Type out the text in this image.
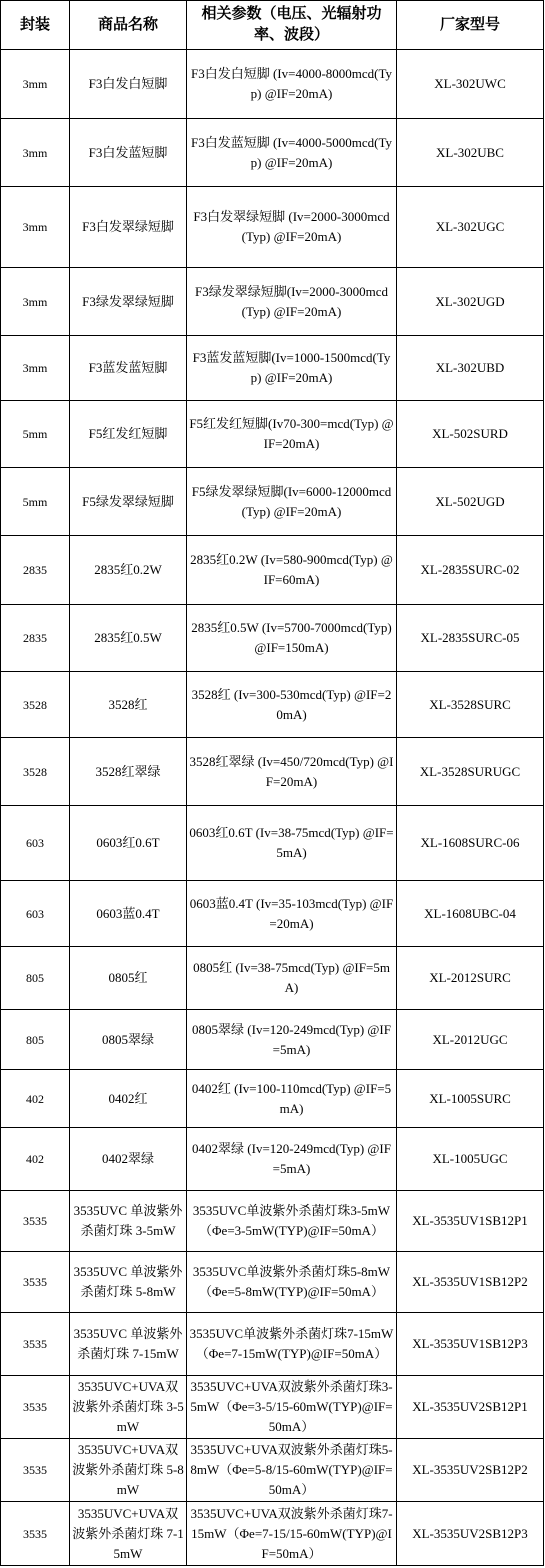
封装	商品名称	相关参数（电压、光辐射功率、波段）	厂家型号
3mm	F3白发白短脚	F3白发白短脚 (Iv=4000-8000mcd(Typ) @IF=20mA)	XL-302UWC
3mm	F3白发蓝短脚	F3白发蓝短脚 (Iv=4000-5000mcd(Typ) @IF=20mA)	XL-302UBC
3mm	F3白发翠绿短脚	F3白发翠绿短脚 (Iv=2000-3000mcd(Typ) @IF=20mA)	XL-302UGC
3mm	F3绿发翠绿短脚	F3绿发翠绿短脚(Iv=2000-3000mcd(Typ) @IF=20mA)	XL-302UGD
3mm	F3蓝发蓝短脚	F3蓝发蓝短脚(Iv=1000-1500mcd(Typ) @IF=20mA)	XL-302UBD
5mm	F5红发红短脚	F5红发红短脚(Iv70-300=mcd(Typ) @IF=20mA)	XL-502SURD
5mm	F5绿发翠绿短脚	F5绿发翠绿短脚(Iv=6000-12000mcd(Typ) @IF=20mA)	XL-502UGD
2835	2835红0.2W	2835红0.2W (Iv=580-900mcd(Typ) @IF=60mA)	XL-2835SURC-02
2835	2835红0.5W	2835红0.5W (Iv=5700-7000mcd(Typ) @IF=150mA)	XL-2835SURC-05
3528	3528红	3528红 (Iv=300-530mcd(Typ) @IF=20mA)	XL-3528SURC
3528	3528红翠绿	3528红翠绿 (Iv=450/720mcd(Typ) @IF=20mA)	XL-3528SURUGC
603	0603红0.6T	0603红0.6T (Iv=38-75mcd(Typ) @IF=5mA)	XL-1608SURC-06
603	0603蓝0.4T	0603蓝0.4T (Iv=35-103mcd(Typ) @IF=20mA)	XL-1608UBC-04
805	0805红	0805红 (Iv=38-75mcd(Typ) @IF=5mA)	XL-2012SURC
805	0805翠绿	0805翠绿 (Iv=120-249mcd(Typ) @IF=5mA)	XL-2012UGC
402	0402红	0402红 (Iv=100-110mcd(Typ) @IF=5mA)	XL-1005SURC
402	0402翠绿	0402翠绿 (Iv=120-249mcd(Typ) @IF=5mA)	XL-1005UGC
3535	3535UVC 单波紫外杀菌灯珠 3-5mW	3535UVC单波紫外杀菌灯珠3-5mW（Φe=3-5mW(TYP)@IF=50mA）	XL-3535UV1SB12P1
3535	3535UVC 单波紫外杀菌灯珠 5-8mW	3535UVC单波紫外杀菌灯珠5-8mW（Φe=5-8mW(TYP)@IF=50mA）	XL-3535UV1SB12P2
3535	3535UVC 单波紫外杀菌灯珠 7-15mW	3535UVC单波紫外杀菌灯珠7-15mW （Φe=7-15mW(TYP)@IF=50mA）	XL-3535UV1SB12P3
3535	3535UVC+UVA双波紫外杀菌灯珠 3-5mW	3535UVC+UVA双波紫外杀菌灯珠3-5mW（Φe=3-5/15-60mW(TYP)@IF=50mA）	XL-3535UV2SB12P1
3535	3535UVC+UVA双波紫外杀菌灯珠 5-8mW	3535UVC+UVA双波紫外杀菌灯珠5-8mW（Φe=5-8/15-60mW(TYP)@IF=50mA）	XL-3535UV2SB12P2
3535	3535UVC+UVA双波紫外杀菌灯珠 7-15mW	3535UVC+UVA双波紫外杀菌灯珠7-15mW（Φe=7-15/15-60mW(TYP)@IF=50mA）	XL-3535UV2SB12P3
